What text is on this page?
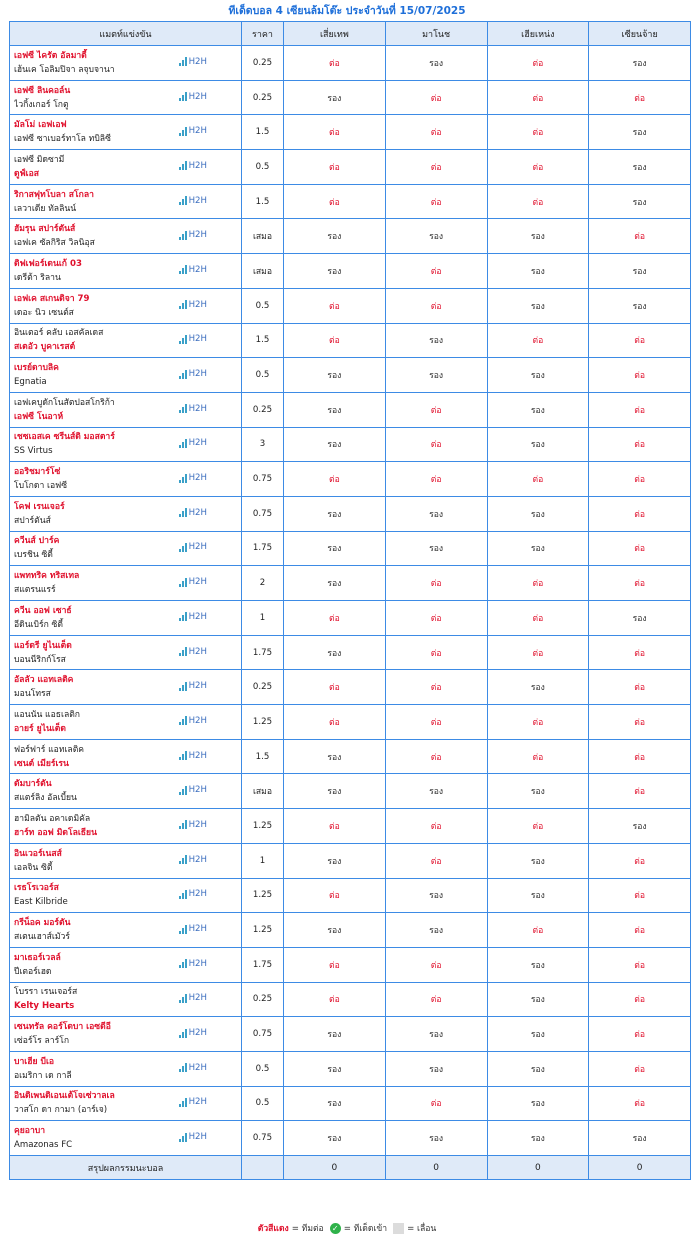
ทีเด็ดบอล 4 เซียนล้มโต๊ะ ประจำวันที่ 15/07/2025
แมตท์แข่งขัน	ราคา	เสี่ยเทพ	มาโนช	เฮียเหน่ง	เซียนจ้าย

เอฟซี ไครัต อัลมาตี้
เฮ้นเค โอลิมปิจา ลจุบจานา
H2H	0.25	ต่อ	รอง	ต่อ	รอง

เอฟซี ลินคอล์น
ไวกิ้งเกอร์ โกตู
H2H	0.25	รอง	ต่อ	ต่อ	ต่อ

มัลโม่ เอฟเอฟ
เอฟซี ซาเบอร์ทาโล ทบิลิซี
H2H	1.5	ต่อ	ต่อ	ต่อ	รอง

เอฟซี มิดซามี
ดูฟ์เอส
H2H	0.5	ต่อ	ต่อ	ต่อ	รอง

ริกาสฟุทโบลา สโกลา
เลวาเดีย ทัลลินน์
H2H	1.5	ต่อ	ต่อ	ต่อ	รอง

ฮัมรุน สปาร์ตันส์
เอฟเค ซัลกิริส วิลนิอุส
H2H	เสมอ	รอง	รอง	รอง	ต่อ

ดิฟเฟอร์เดนเก้ 03
เดรีต้า ริลาน
H2H	เสมอ	รอง	ต่อ	รอง	รอง

เอฟเค สเกนดิจา 79
เดอะ นิว เซนต์ส
H2H	0.5	ต่อ	ต่อ	รอง	รอง

อินเตอร์ คลับ เอสคัลเดส
สเตอัว บูคาเรสต์
H2H	1.5	ต่อ	รอง	ต่อ	ต่อ

เบรย์ดาบลิค
Egnatia
H2H	0.5	รอง	รอง	รอง	ต่อ

เอฟเคบูดักโนสัตปอสโกริก้า
เอฟซี โนอาห์
H2H	0.25	รอง	ต่อ	รอง	ต่อ

เชซเอสเค ซรีนส์ดิ มอสตาร์
SS Virtus
H2H	3	รอง	ต่อ	รอง	ต่อ

ออริชมาร์โซ่
โบโกดา เอฟซี
H2H	0.75	ต่อ	ต่อ	ต่อ	ต่อ

โคฟ เรนเจอร์
สปาร์ตันส์
H2H	0.75	รอง	รอง	รอง	ต่อ

ควีนส์ ปาร์ค
เบรชิน ซิตี้
H2H	1.75	รอง	รอง	รอง	ต่อ

แพททริค ทริสเทล
สแตรนแรร์
H2H	2	รอง	ต่อ	ต่อ	ต่อ

ควีน ออฟ เซาธ์
อีดินเบิร์ก ซิตี้
H2H	1	ต่อ	ต่อ	ต่อ	รอง

แอร์ดรี ยูไนเต็ด
บอนนีริกก์โรส
H2H	1.75	รอง	ต่อ	ต่อ	ต่อ

อัลลัว แอทเลติค
มอนโทรส
H2H	0.25	ต่อ	ต่อ	รอง	ต่อ

แอนนัน แอธเลติก
อายร์ ยูไนเต็ด
H2H	1.25	ต่อ	ต่อ	ต่อ	ต่อ

ฟอร์ฟาร์ แอทเลติค
เซนต์ เมียร์เรน
H2H	1.5	รอง	ต่อ	ต่อ	ต่อ

ดัมบาร์ตัน
สแตร์ลิง อัลเบี้ยน
H2H	เสมอ	รอง	รอง	รอง	ต่อ

ฮามิลตัน อคาเดมิคัล
ฮาร์ท ออฟ มิดโลเธียน
H2H	1.25	ต่อ	ต่อ	ต่อ	รอง

อินเวอร์เนสส์
เอลจิน ซิตี้
H2H	1	รอง	ต่อ	รอง	ต่อ

เรธโรเวอร์ส
East Kilbride
H2H	1.25	ต่อ	รอง	รอง	ต่อ

กรีน็อค มอร์ตัน
สเตนเฮาส์เมัวร์
H2H	1.25	รอง	รอง	ต่อ	ต่อ

มาเธอร์เวลล์
ปีเตอร์เฮด
H2H	1.75	ต่อ	ต่อ	รอง	ต่อ

โบรรา เรนเจอร์ส
Kelty Hearts
H2H	0.25	ต่อ	ต่อ	รอง	ต่อ

เซนทรัล คอร์โดบา เอซดีอี
เซ่อร์โร ลาร์โก
H2H	0.75	รอง	รอง	รอง	ต่อ

บาเฮีย บีเอ
อเมริกา เด กาลี
H2H	0.5	รอง	รอง	รอง	ต่อ

อินดิเพนดิเอนเต้โจเซ่วาลเล
วาสโก ดา กามา (อาร์เจ)
H2H	0.5	รอง	ต่อ	รอง	ต่อ

คุยอาบา
Amazonas FC
H2H	0.75	รอง	รอง	รอง	รอง
สรุปผลกรรมนะบอล		0	0	0	0
ตัวสีแดง = ทีมต่อ ✓ = ทีเด็ดเข้า = เลื่อน
